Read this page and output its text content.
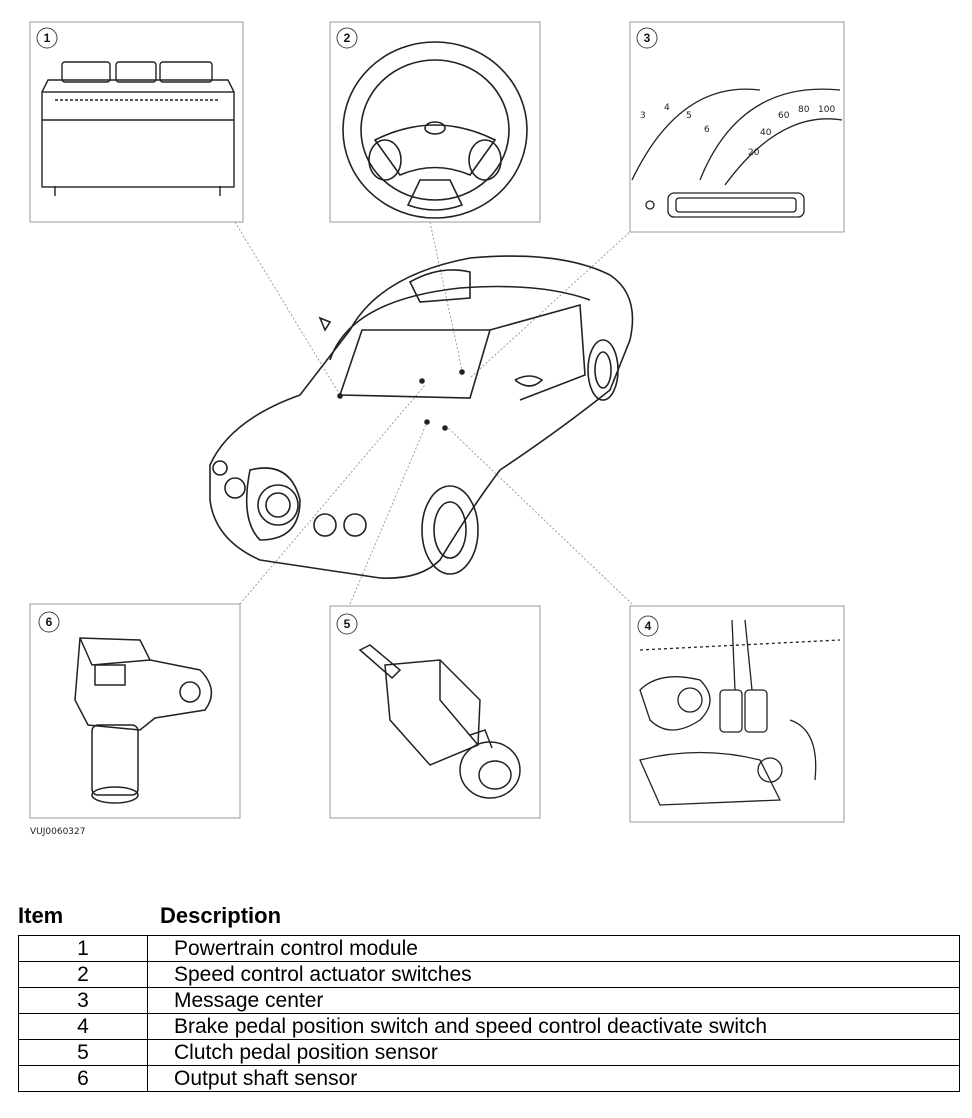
1	2	3
3
4
5
6	40
60
80 100
20
6	5	4
VUJ0060327
Item	Description
1	Powertrain control module
2	Speed control actuator switches
3	Message center
4	Brake pedal position switch and speed control deactivate switch
5	Clutch pedal position sensor
6	Output shaft sensor
